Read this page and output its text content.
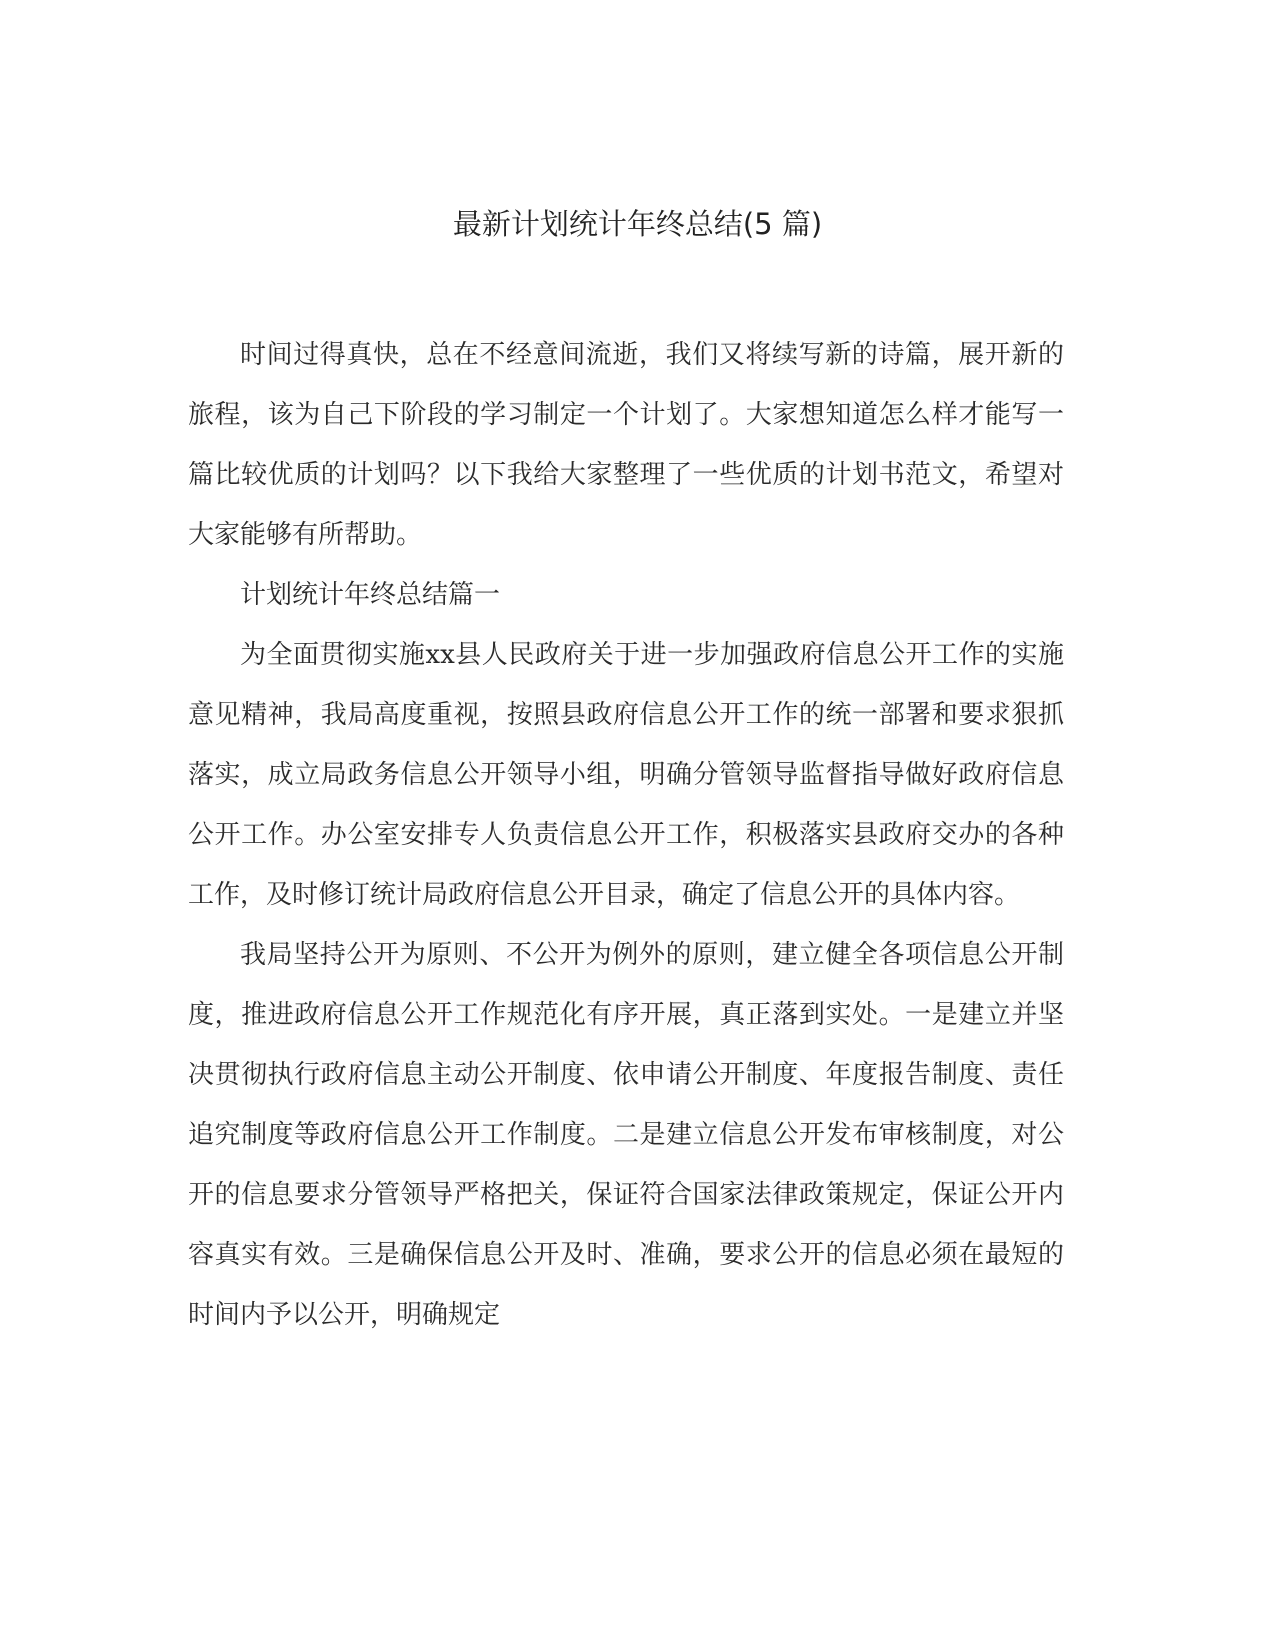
最新计划统计年终总结(5 篇)

时间过得真快，总在不经意间流逝，我们又将续写新的诗篇，展开新的旅程，该为自己下阶段的学习制定一个计划了。大家想知道怎么样才能写一篇比较优质的计划吗？以下我给大家整理了一些优质的计划书范文，希望对大家能够有所帮助。

计划统计年终总结篇一

为全面贯彻实施xx县人民政府关于进一步加强政府信息公开工作的实施意见精神，我局高度重视，按照县政府信息公开工作的统一部署和要求狠抓落实，成立局政务信息公开领导小组，明确分管领导监督指导做好政府信息公开工作。办公室安排专人负责信息公开工作，积极落实县政府交办的各种工作，及时修订统计局政府信息公开目录，确定了信息公开的具体内容。

我局坚持公开为原则、不公开为例外的原则，建立健全各项信息公开制度，推进政府信息公开工作规范化有序开展，真正落到实处。一是建立并坚决贯彻执行政府信息主动公开制度、依申请公开制度、年度报告制度、责任追究制度等政府信息公开工作制度。二是建立信息公开发布审核制度，对公开的信息要求分管领导严格把关，保证符合国家法律政策规定，保证公开内容真实有效。三是确保信息公开及时、准确，要求公开的信息必须在最短的时间内予以公开，明确规定
